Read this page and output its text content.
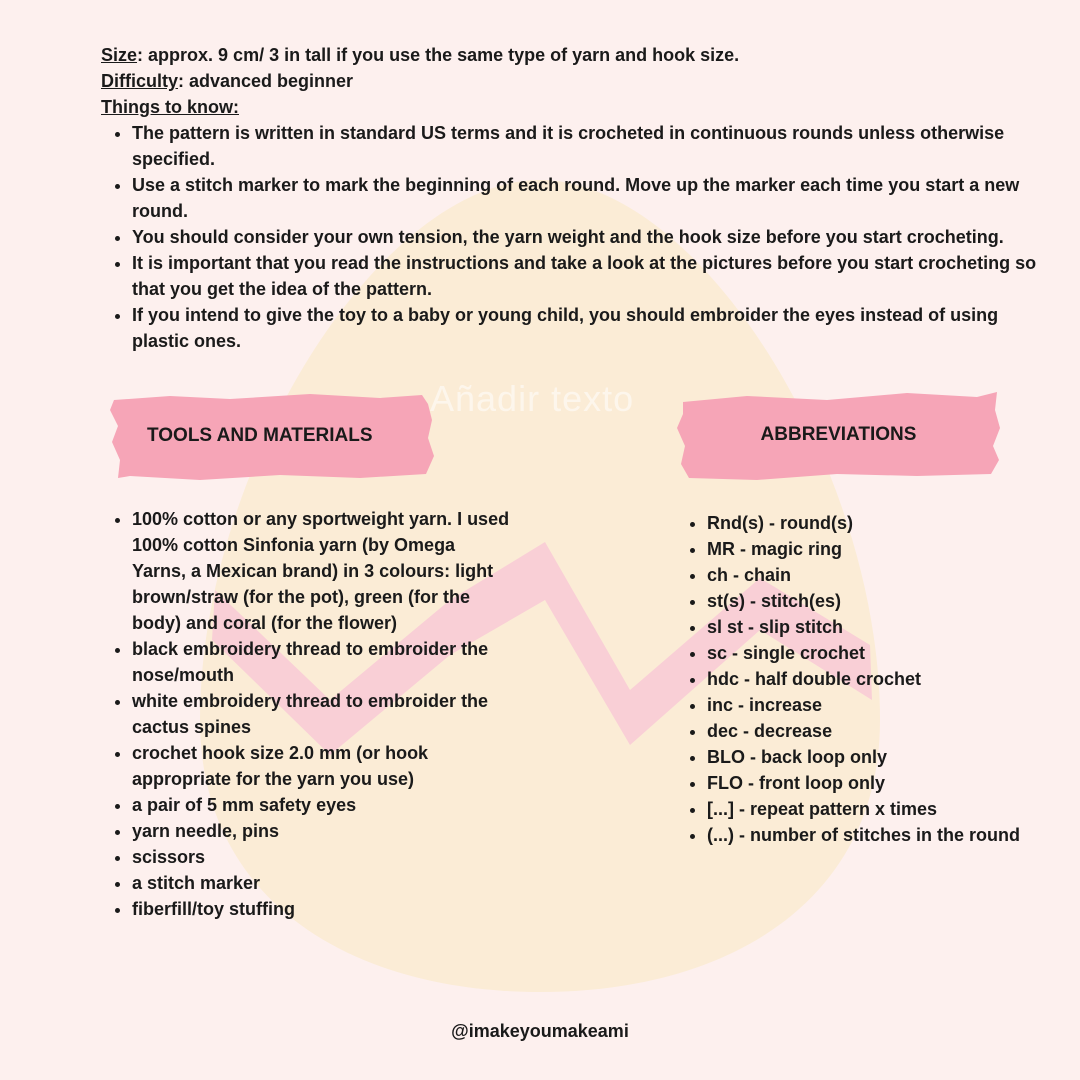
Añadir texto

Size: approx. 9 cm/ 3 in tall if you use the same type of yarn and hook size.

Difficulty: advanced beginner

Things to know:

• The pattern is written in standard US terms and it is crocheted in continuous rounds unless otherwise specified.
• Use a stitch marker to mark the beginning of each round. Move up the marker each time you start a new round.
• You should consider your own tension, the yarn weight and the hook size before you start crocheting.
• It is important that you read the instructions and take a look at the pictures before you start crocheting so that you get the idea of the pattern.
• If you intend to give the toy to a baby or young child, you should embroider the eyes instead of using plastic ones.
TOOLS AND MATERIALS	ABBREVIATIONS
• 100% cotton or any sportweight yarn. I used 100% cotton Sinfonia yarn (by Omega Yarns, a Mexican brand) in 3 colours: light brown/straw (for the pot), green (for the body) and coral (for the flower)
• black embroidery thread to embroider the nose/mouth
• white embroidery thread to embroider the cactus spines
• crochet hook size 2.0 mm (or hook appropriate for the yarn you use)
• a pair of 5 mm safety eyes
• yarn needle, pins
• scissors
• a stitch marker
• fiberfill/toy stuffing
• Rnd(s) - round(s)
• MR - magic ring
• ch - chain
• st(s) - stitch(es)
• sl st - slip stitch
• sc - single crochet
• hdc - half double crochet
• inc - increase
• dec - decrease
• BLO - back loop only
• FLO - front loop only
• [...] - repeat pattern x times
• (...) - number of stitches in the round
@imakeyoumakeami
